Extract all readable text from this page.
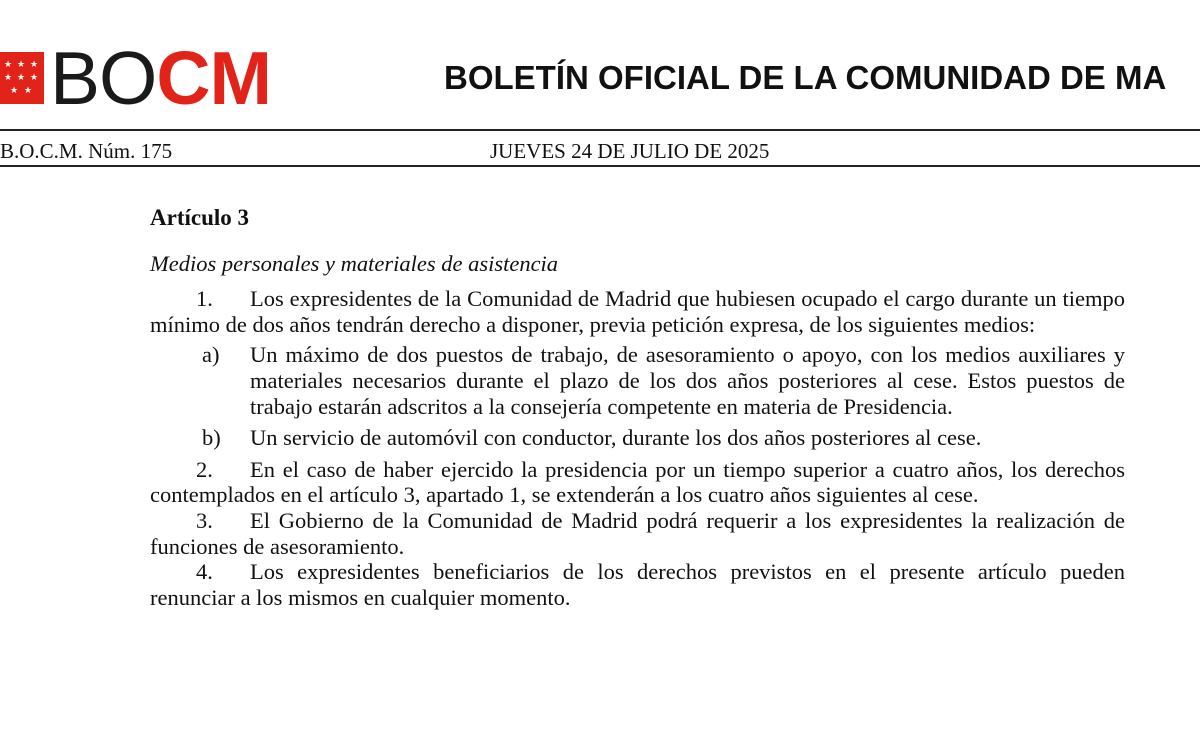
★ ★ ★
★ ★ ★
★ ★ BOCM	BOLETÍN OFICIAL DE LA COMUNIDAD DE MA
B.O.C.M. Núm. 175	JUEVES 24 DE JULIO DE 2025
Artículo 3
Medios personales y materiales de asistencia

1. Los expresidentes de la Comunidad de Madrid que hubiesen ocupado el cargo durante un tiempo mínimo de dos años tendrán derecho a disponer, previa petición expresa, de los siguientes medios:

a) Un máximo de dos puestos de trabajo, de asesoramiento o apoyo, con los medios auxiliares y materiales necesarios durante el plazo de los dos años posteriores al cese. Estos puestos de trabajo estarán adscritos a la consejería competente en materia de Presidencia.
b) Un servicio de automóvil con conductor, durante los dos años posteriores al cese.

2. En el caso de haber ejercido la presidencia por un tiempo superior a cuatro años, los derechos contemplados en el artículo 3, apartado 1, se extenderán a los cuatro años siguientes al cese.

3. El Gobierno de la Comunidad de Madrid podrá requerir a los expresidentes la realización de funciones de asesoramiento.

4. Los expresidentes beneficiarios de los derechos previstos en el presente artículo pueden renunciar a los mismos en cualquier momento.
